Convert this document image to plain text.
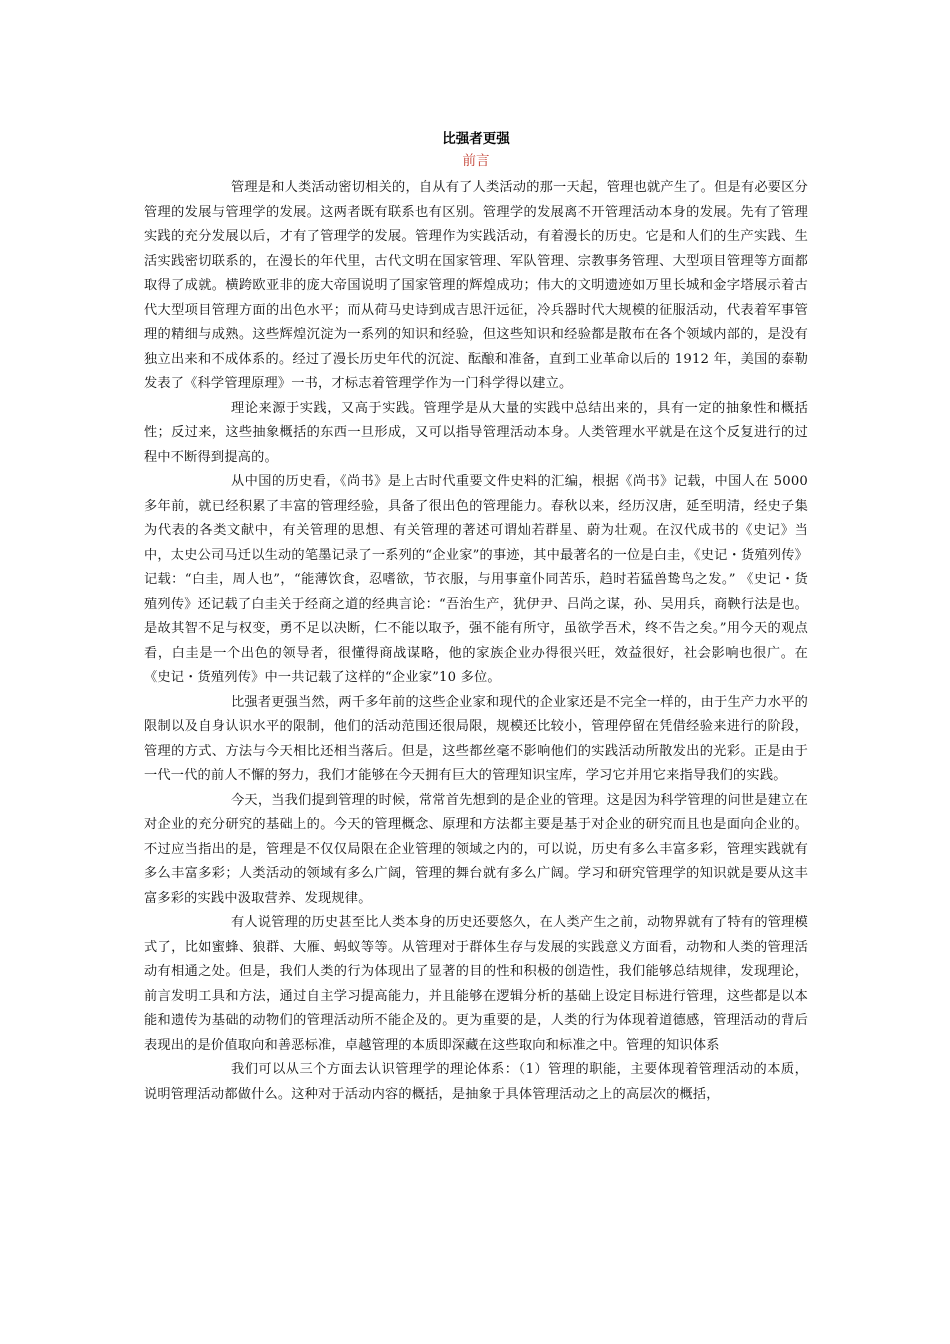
比强者更强
前言

管理是和人类活动密切相关的，自从有了人类活动的那一天起，管理也就产生了。但是有必要区分管理的发展与管理学的发展。这两者既有联系也有区别。管理学的发展离不开管理活动本身的发展。先有了管理实践的充分发展以后，才有了管理学的发展。管理作为实践活动，有着漫长的历史。它是和人们的生产实践、生活实践密切联系的，在漫长的年代里，古代文明在国家管理、军队管理、宗教事务管理、大型项目管理等方面都取得了成就。横跨欧亚非的庞大帝国说明了国家管理的辉煌成功；伟大的文明遗迹如万里长城和金字塔展示着古代大型项目管理方面的出色水平；而从荷马史诗到成吉思汗远征，冷兵器时代大规模的征服活动，代表着军事管理的精细与成熟。这些辉煌沉淀为一系列的知识和经验，但这些知识和经验都是散布在各个领域内部的，是没有独立出来和不成体系的。经过了漫长历史年代的沉淀、酝酿和准备，直到工业革命以后的 1912 年，美国的泰勒发表了《科学管理原理》一书，才标志着管理学作为一门科学得以建立。

理论来源于实践，又高于实践。管理学是从大量的实践中总结出来的，具有一定的抽象性和概括性；反过来，这些抽象概括的东西一旦形成，又可以指导管理活动本身。人类管理水平就是在这个反复进行的过程中不断得到提高的。

从中国的历史看，《尚书》是上古时代重要文件史料的汇编，根据《尚书》记载，中国人在 5000 多年前，就已经积累了丰富的管理经验，具备了很出色的管理能力。春秋以来，经历汉唐，延至明清，经史子集为代表的各类文献中，有关管理的思想、有关管理的著述可谓灿若群星、蔚为壮观。在汉代成书的《史记》当中，太史公司马迁以生动的笔墨记录了一系列的“企业家”的事迹，其中最著名的一位是白圭，《史记・货殖列传》记载：“白圭，周人也”，“能薄饮食，忍嗜欲，节衣服，与用事童仆同苦乐，趋时若猛兽鸷鸟之发。” 《史记・货殖列传》还记载了白圭关于经商之道的经典言论：“吾治生产，犹伊尹、吕尚之谋，孙、吴用兵，商鞅行法是也。是故其智不足与权变，勇不足以决断，仁不能以取予，强不能有所守，虽欲学吾术，终不告之矣。”用今天的观点看，白圭是一个出色的领导者，很懂得商战谋略，他的家族企业办得很兴旺，效益很好，社会影响也很广。在《史记・货殖列传》中一共记载了这样的“企业家”10 多位。

比强者更强当然，两千多年前的这些企业家和现代的企业家还是不完全一样的，由于生产力水平的限制以及自身认识水平的限制，他们的活动范围还很局限，规模还比较小，管理停留在凭借经验来进行的阶段，管理的方式、方法与今天相比还相当落后。但是，这些都丝毫不影响他们的实践活动所散发出的光彩。正是由于一代一代的前人不懈的努力，我们才能够在今天拥有巨大的管理知识宝库，学习它并用它来指导我们的实践。

今天，当我们提到管理的时候，常常首先想到的是企业的管理。这是因为科学管理的问世是建立在对企业的充分研究的基础上的。今天的管理概念、原理和方法都主要是基于对企业的研究而且也是面向企业的。不过应当指出的是，管理是不仅仅局限在企业管理的领域之内的，可以说，历史有多么丰富多彩，管理实践就有多么丰富多彩；人类活动的领域有多么广阔，管理的舞台就有多么广阔。学习和研究管理学的知识就是要从这丰富多彩的实践中汲取营养、发现规律。

有人说管理的历史甚至比人类本身的历史还要悠久，在人类产生之前，动物界就有了特有的管理模式了，比如蜜蜂、狼群、大雁、蚂蚁等等。从管理对于群体生存与发展的实践意义方面看，动物和人类的管理活动有相通之处。但是，我们人类的行为体现出了显著的目的性和积极的创造性，我们能够总结规律，发现理论，前言发明工具和方法，通过自主学习提高能力，并且能够在逻辑分析的基础上设定目标进行管理，这些都是以本能和遗传为基础的动物们的管理活动所不能企及的。更为重要的是，人类的行为体现着道德感，管理活动的背后表现出的是价值取向和善恶标准，卓越管理的本质即深藏在这些取向和标准之中。管理的知识体系

我们可以从三个方面去认识管理学的理论体系：（1）管理的职能，主要体现着管理活动的本质，说明管理活动都做什么。这种对于活动内容的概括，是抽象于具体管理活动之上的高层次的概括，
